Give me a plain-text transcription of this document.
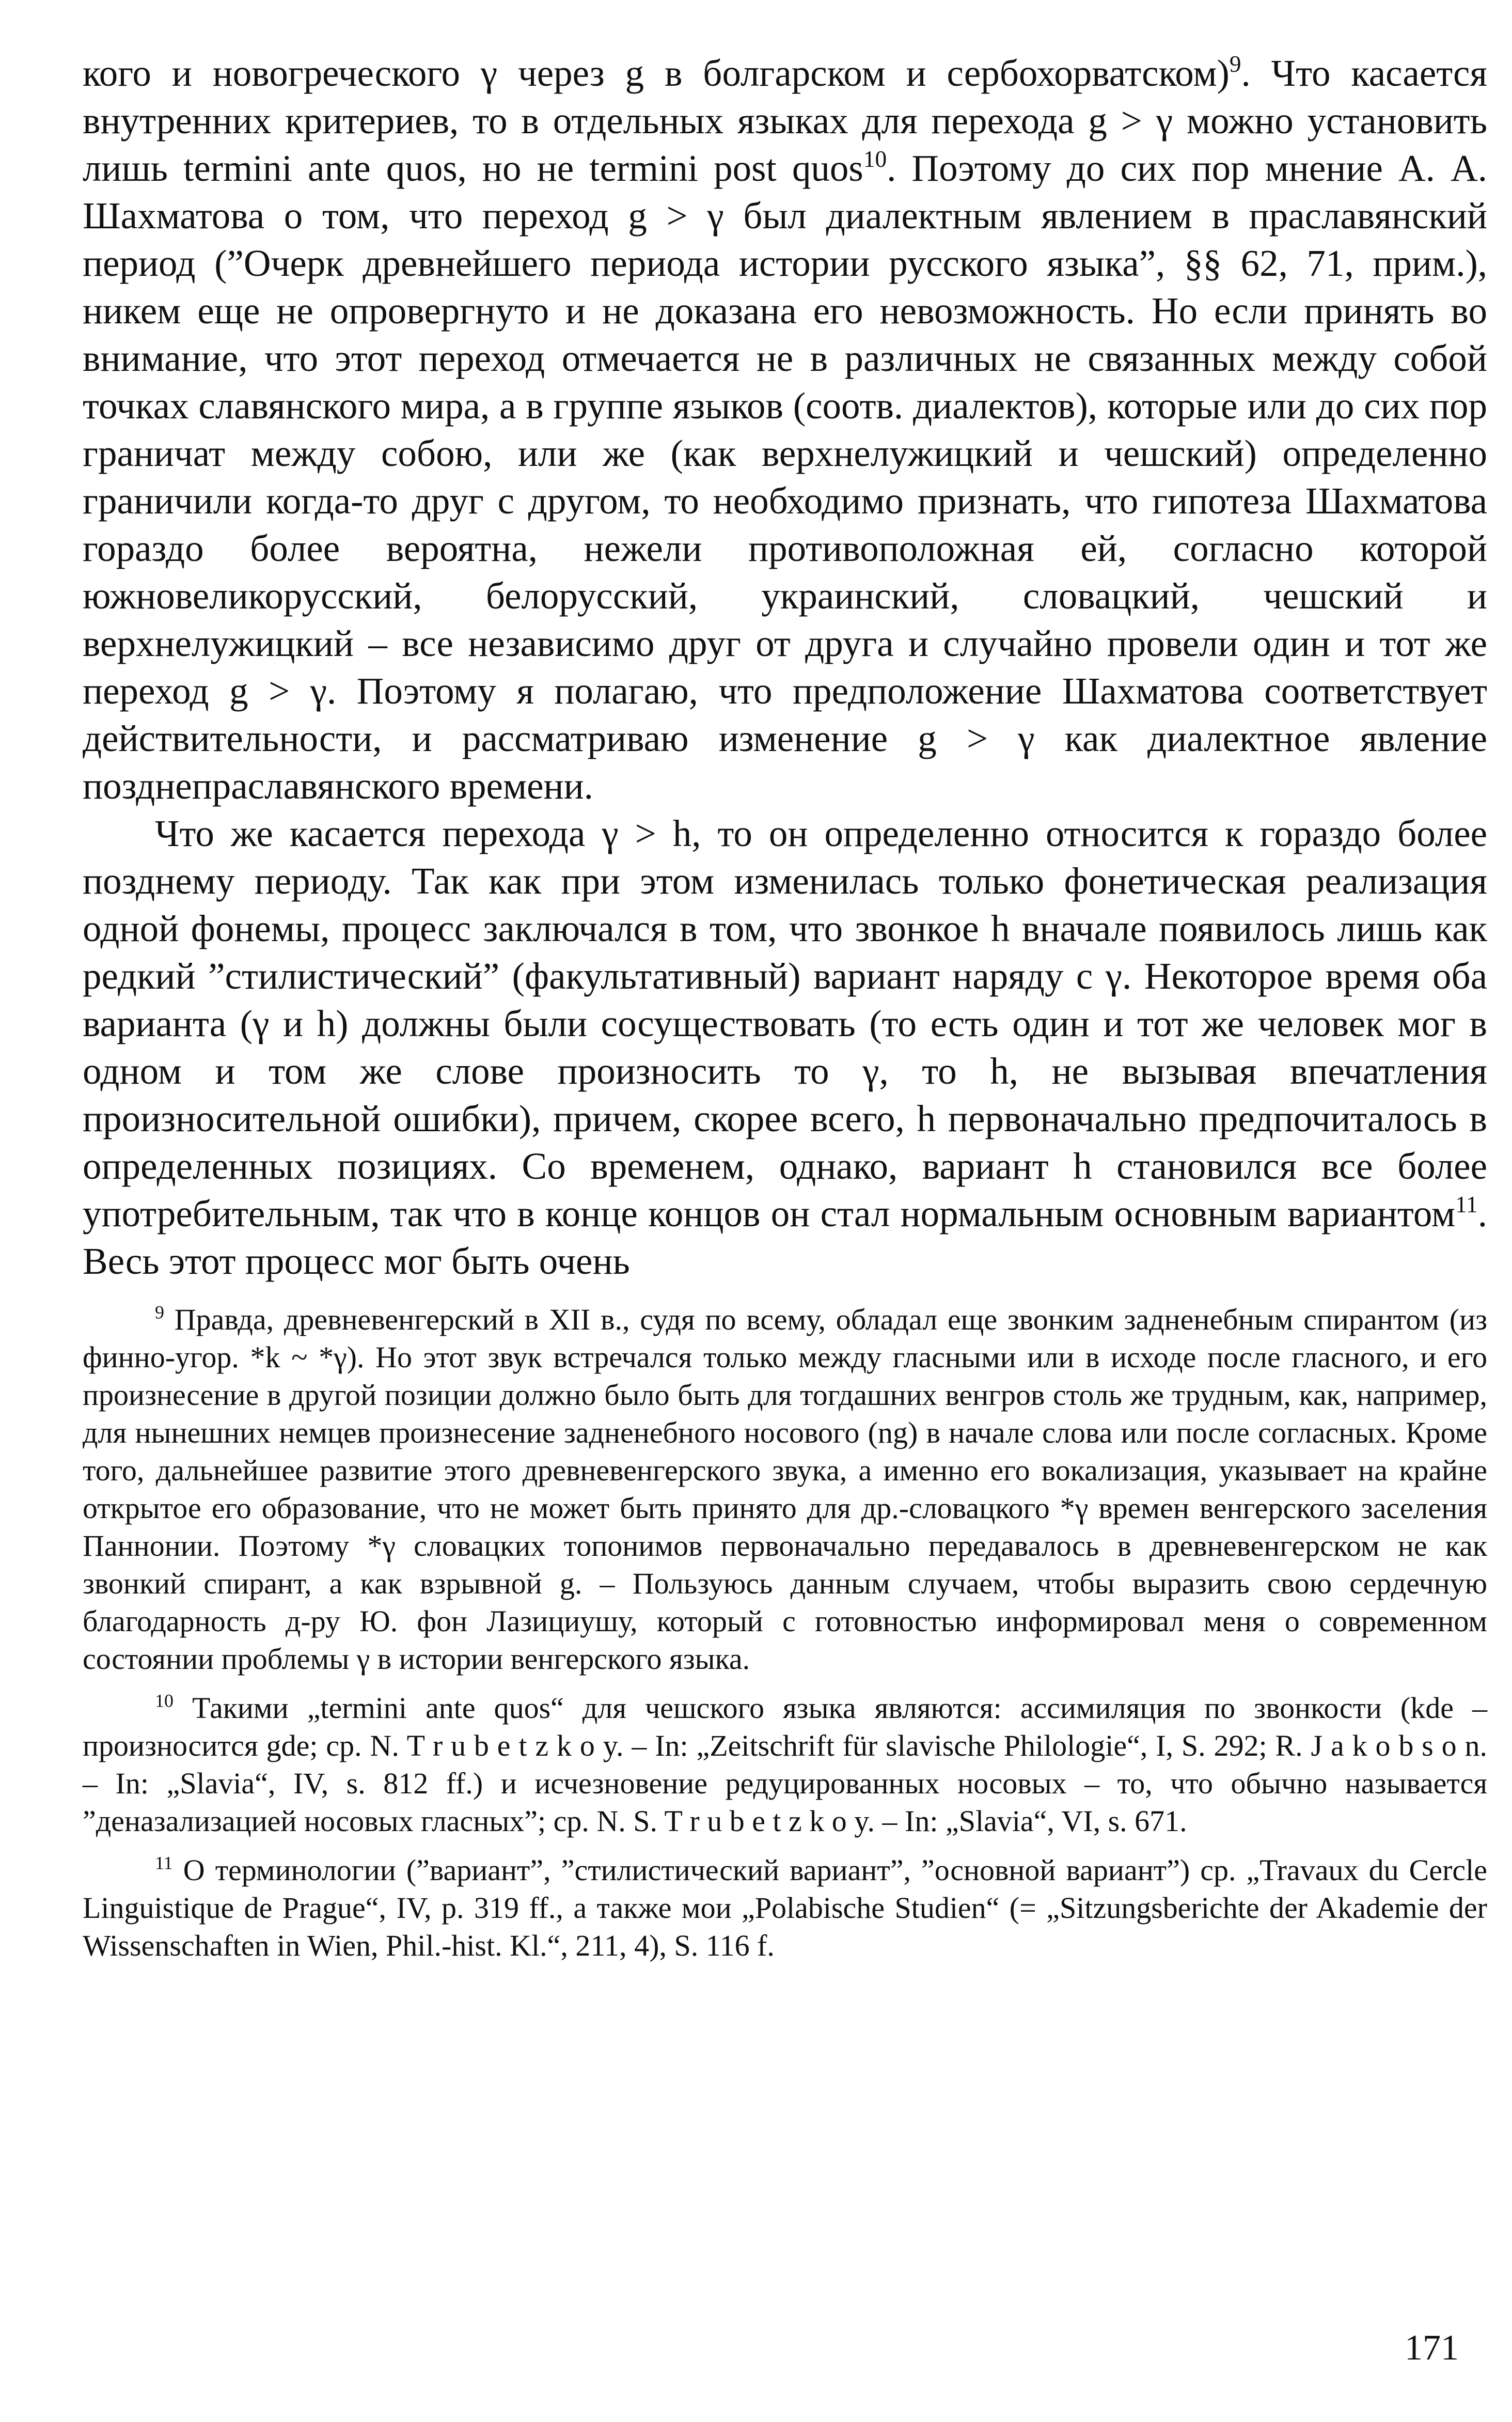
кого и новогреческого γ через g в болгарском и сербохорватском)$^9$. Что касается внутренних критериев, то в отдельных языках для перехода g > γ можно установить лишь termini ante quos, но не termini post quos$^{10}$. Поэтому до сих пор мнение А. А. Шахматова о том, что переход g > γ был диалектным явлением в праславянский период (”Очерк древнейшего периода истории русского языка”, §§ 62, 71, прим.), никем еще не опровергнуто и не доказана его невозможность. Но если принять во внимание, что этот переход отмечается не в различных не связанных между собой точках славянского мира, а в группе языков (соотв. диалектов), которые или до сих пор граничат между собою, или же (как верхнелужицкий и чешский) определенно граничили когда-то друг с другом, то необходимо признать, что гипотеза Шахматова гораздо более вероятна, нежели противоположная ей, согласно которой южновеликорусский, белорусский, украинский, словацкий, чешский и верхнелужицкий – все независимо друг от друга и случайно провели один и тот же переход g > γ. Поэтому я полагаю, что предположение Шахматова соответствует действительности, и рассматриваю изменение g > γ как диалектное явление позднепраславянского времени.

Что же касается перехода γ > h, то он определенно относится к гораздо более позднему периоду. Так как при этом изменилась только фонетическая реализация одной фонемы, процесс заключался в том, что звонкое h вначале появилось лишь как редкий ”стилистический” (факультативный) вариант наряду с γ. Некоторое время оба варианта (γ и h) должны были сосуществовать (то есть один и тот же человек мог в одном и том же слове произносить то γ, то h, не вызывая впечатления произносительной ошибки), причем, скорее всего, h первоначально предпочиталось в определенных позициях. Со временем, однако, вариант h становился все более употребительным, так что в конце концов он стал нормальным основным вариантом$^{11}$. Весь этот процесс мог быть очень

$^9$ Правда, древневенгерский в XII в., судя по всему, обладал еще звонким задненебным спирантом (из финно-угор. *k ~ *γ). Но этот звук встречался только между гласными или в исходе после гласного, и его произнесение в другой позиции должно было быть для тогдашних венгров столь же трудным, как, например, для нынешних немцев произнесение задненебного носового (ng) в начале слова или после согласных. Кроме того, дальнейшее развитие этого древневенгерского звука, а именно его вокализация, указывает на крайне открытое его образование, что не может быть принято для др.-словацкого *γ времен венгерского заселения Паннонии. Поэтому *γ словацких топонимов первоначально передавалось в древневенгерском не как звонкий спирант, а как взрывной g. – Пользуюсь данным случаем, чтобы выразить свою сердечную благодарность д-ру Ю. фон Лазициушу, который с готовностью информировал меня о современном состоянии проблемы γ в истории венгерского языка.

$^{10}$ Такими „termini ante quos“ для чешского языка являются: ассимиляция по звонкости (kde – произносится gde; ср. N. T r u b e t z k o y. – In: „Zeitschrift für slavische Philologie“, I, S. 292; R. J a k o b s o n. – In: „Slavia“, IV, s. 812 ff.) и исчезновение редуцированных носовых – то, что обычно называется ”деназализацией носовых гласных”; ср. N. S. T r u b e t z k o y. – In: „Slavia“, VI, s. 671.

$^{11}$ О терминологии (”вариант”, ”стилистический вариант”, ”основной вариант”) ср. „Travaux du Cercle Linguistique de Prague“, IV, p. 319 ff., а также мои „Polabische Studien“ (= „Sitzungsberichte der Akademie der Wissenschaften in Wien, Phil.-hist. Kl.“, 211, 4), S. 116 f.

171
